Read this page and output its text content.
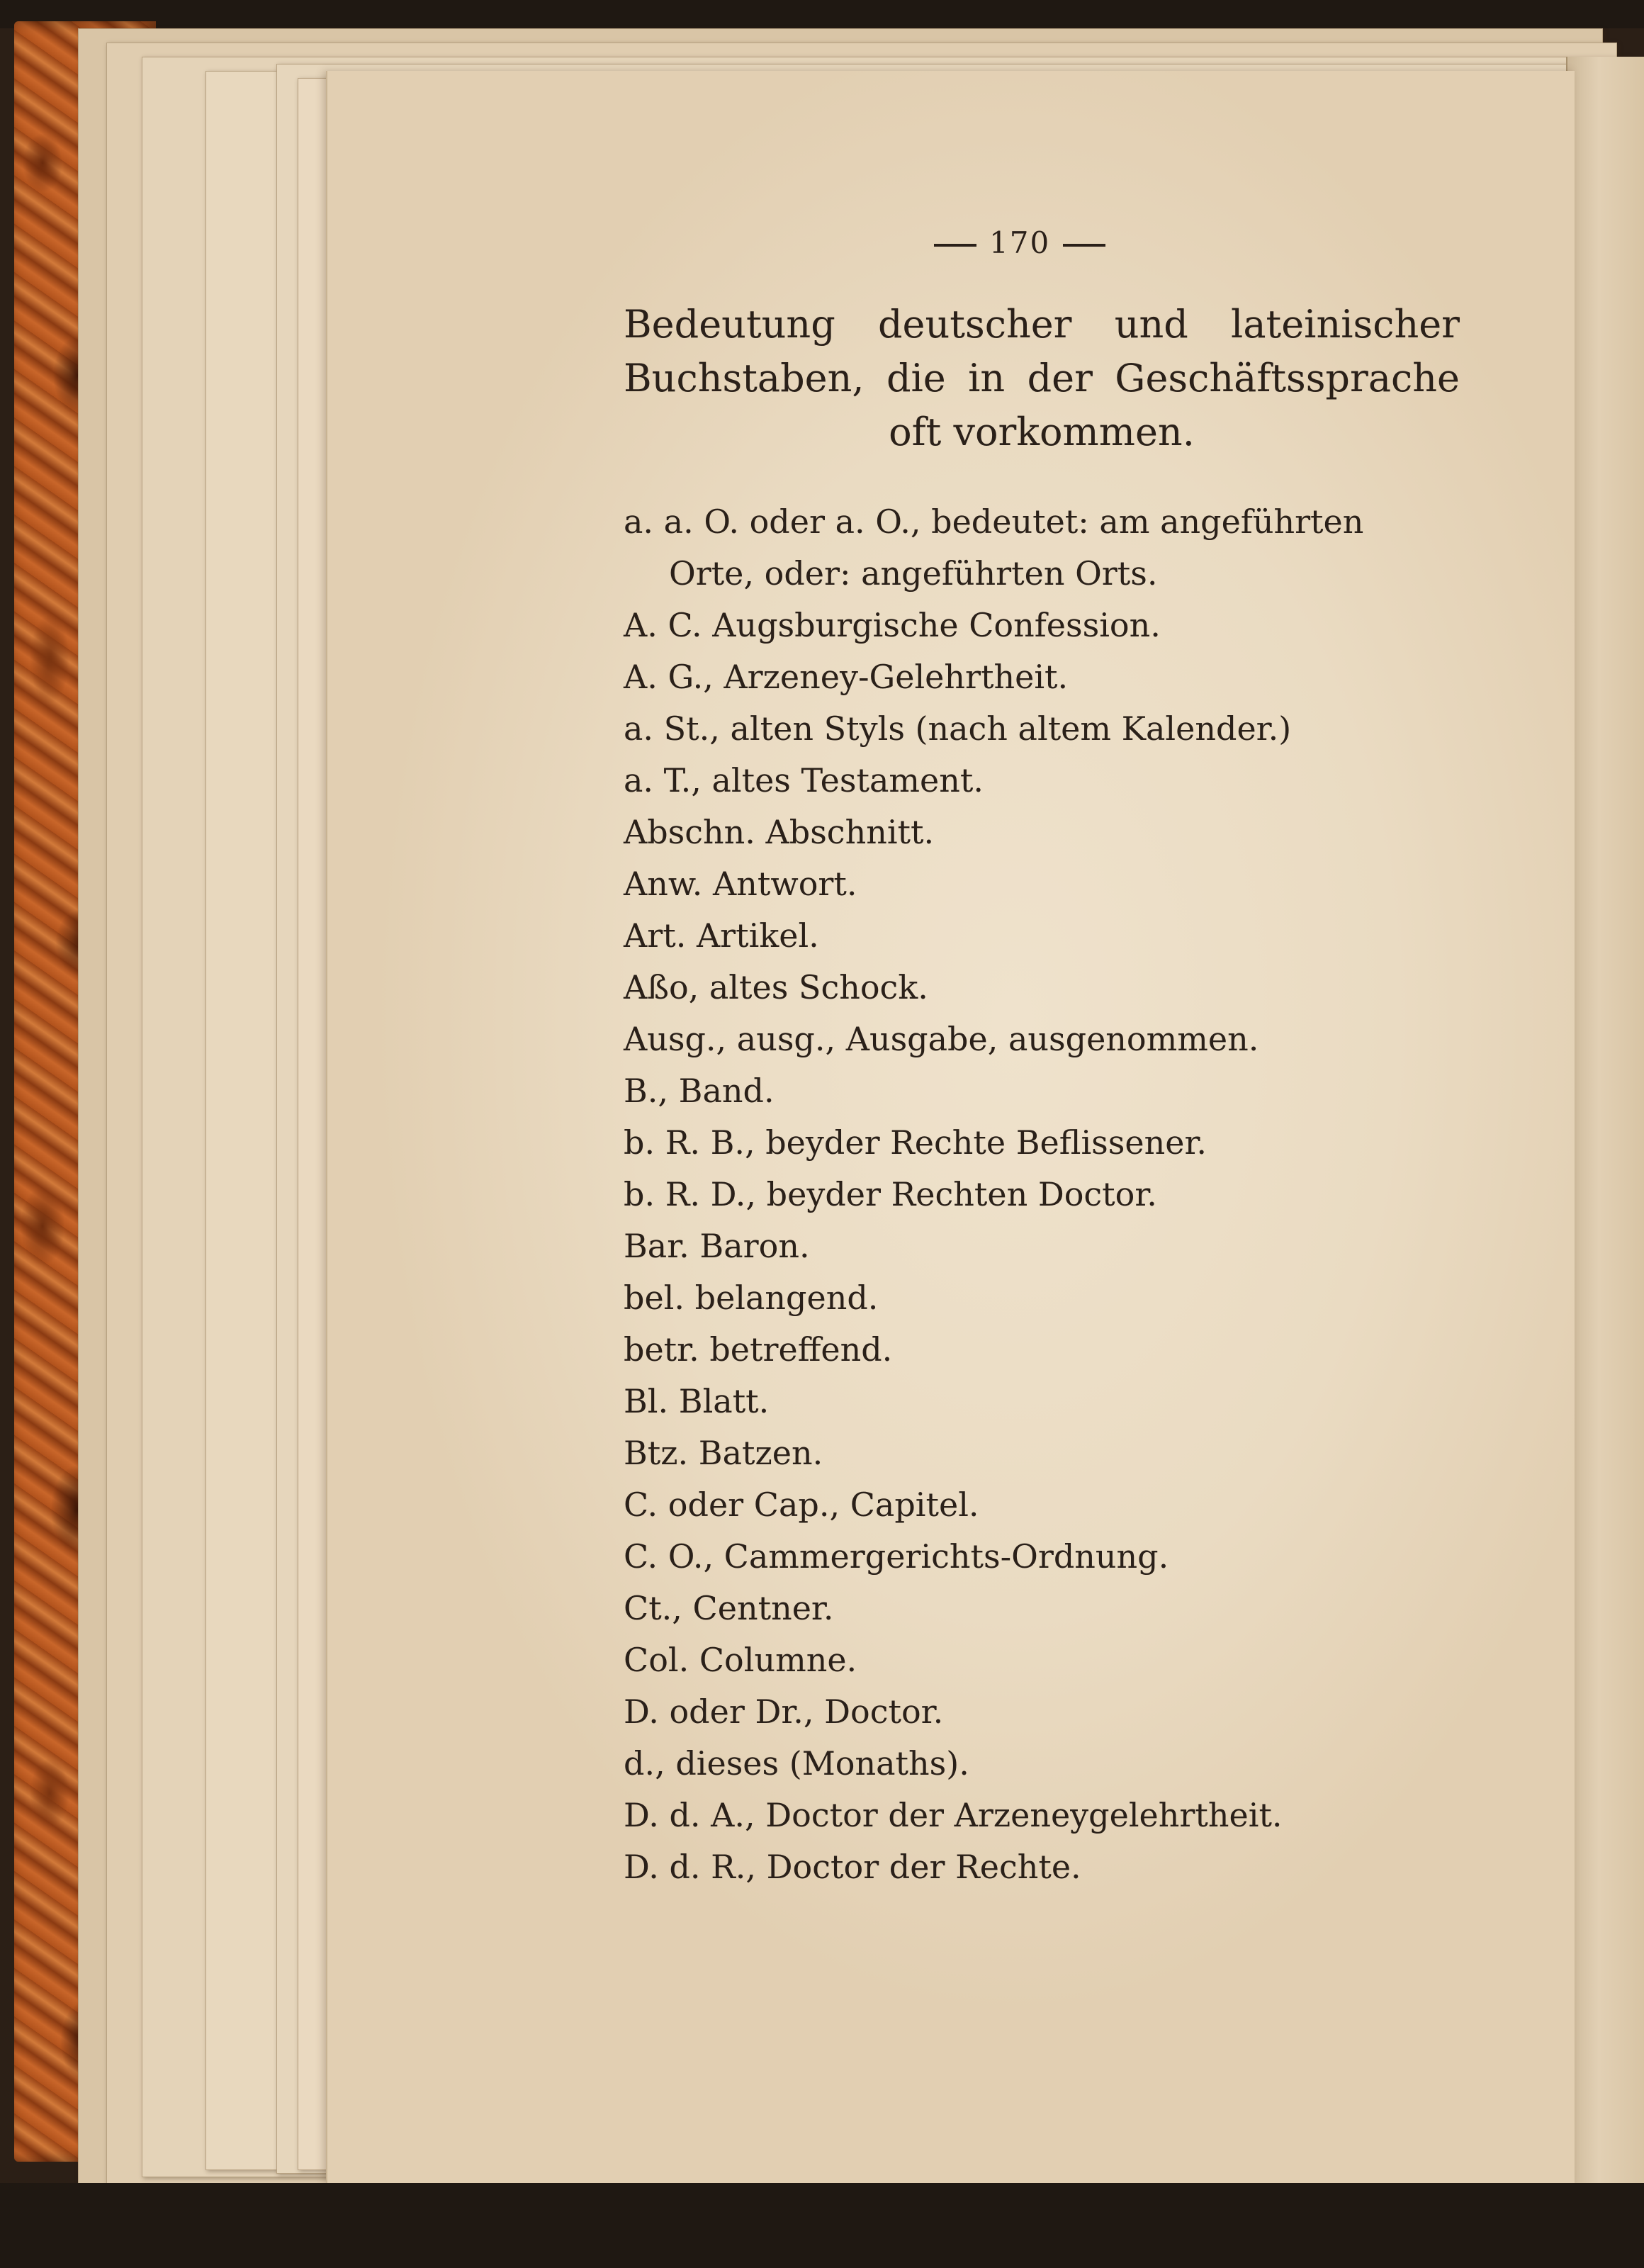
170
Bedeutung deutscher und lateinischer Buchstaben, die in der Geschäftssprache oft vorkommen.
a. a. O. oder a. O., bedeutet: am angeführten
Orte, oder: angeführten Orts.
A. C. Augsburgische Confession.
A. G., Arzeney-Gelehrtheit.
a. St., alten Styls (nach altem Kalender.)
a. T., altes Testament.
Abschn. Abschnitt.
Anw. Antwort.
Art. Artikel.
Aßo, altes Schock.
Ausg., ausg., Ausgabe, ausgenommen.
B., Band.
b. R. B., beyder Rechte Beflissener.
b. R. D., beyder Rechten Doctor.
Bar. Baron.
bel. belangend.
betr. betreffend.
Bl. Blatt.
Btz. Batzen.
C. oder Cap., Capitel.
C. O., Cammergerichts-Ordnung.
Ct., Centner.
Col. Columne.
D. oder Dr., Doctor.
d., dieses (Monaths).
D. d. A., Doctor der Arzeneygelehrtheit.
D. d. R., Doctor der Rechte.
